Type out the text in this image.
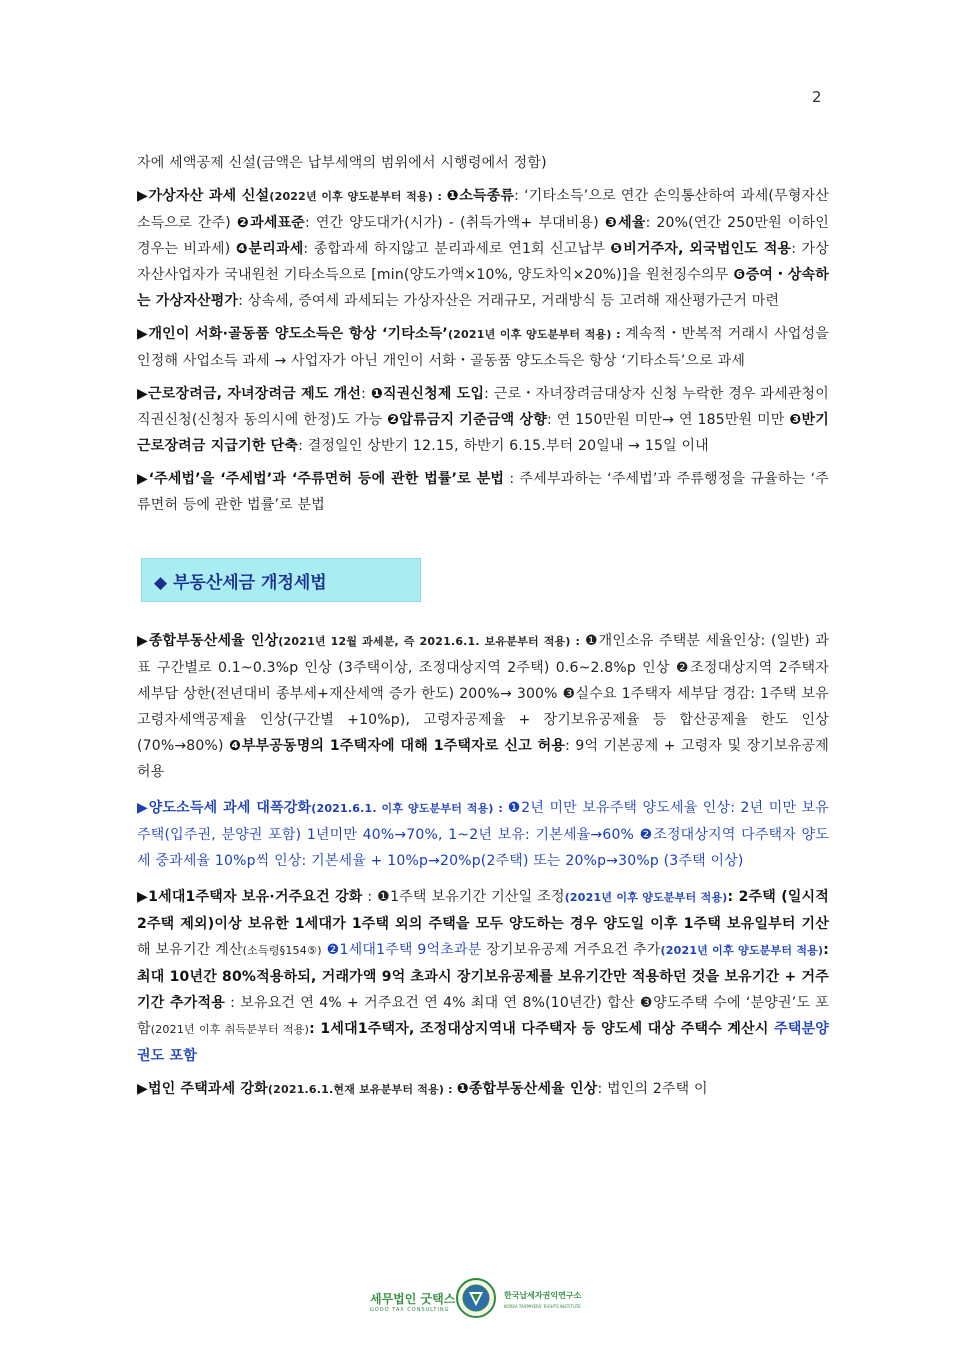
2

자에 세액공제 신설(금액은 납부세액의 범위에서 시행령에서 정함)

▶가상자산 과세 신설(2022년 이후 양도분부터 적용) : ❶소득종류: ‘기타소득’으로 연간 손익통산하여 과세(무형자산소득으로 간주) ❷과세표준: 연간 양도대가(시가) - (취득가액+ 부대비용) ❸세율: 20%(연간 250만원 이하인 경우는 비과세) ❹분리과세: 종합과세 하지않고 분리과세로 연1회 신고납부 ❺비거주자, 외국법인도 적용: 가상자산사업자가 국내원천 기타소득으로 [min(양도가액×10%, 양도차익×20%)]을 원천징수의무 ❻증여・상속하는 가상자산평가: 상속세, 증여세 과세되는 가상자산은 거래규모, 거래방식 등 고려해 재산평가근거 마련

▶개인이 서화·골동품 양도소득은 항상 ‘기타소득’(2021년 이후 양도분부터 적용) : 계속적・반복적 거래시 사업성을 인정해 사업소득 과세 → 사업자가 아닌 개인이 서화・골동품 양도소득은 항상 ‘기타소득’으로 과세

▶근로장려금, 자녀장려금 제도 개선: ❶직권신청제 도입: 근로・자녀장려금대상자 신청 누락한 경우 과세관청이 직권신청(신청자 동의시에 한정)도 가능 ❷압류금지 기준금액 상향: 연 150만원 미만→ 연 185만원 미만 ❸반기근로장려금 지급기한 단축: 결정일인 상반기 12.15, 하반기 6.15.부터 20일내 → 15일 이내

▶‘주세법’을 ‘주세법’과 ‘주류면허 등에 관한 법률’로 분법 : 주세부과하는 ‘주세법’과 주류행정을 규율하는 ‘주류면허 등에 관한 법률’로 분법

◆ 부동산세금 개정세법

▶종합부동산세율 인상(2021년 12월 과세분, 즉 2021.6.1. 보유분부터 적용) : ❶개인소유 주택분 세율인상: (일반) 과표 구간별로 0.1~0.3%p 인상 (3주택이상, 조정대상지역 2주택) 0.6~2.8%p 인상 ❷조정대상지역 2주택자 세부담 상한(전년대비 종부세+재산세액 증가 한도) 200%→ 300% ❸실수요 1주택자 세부담 경감: 1주택 보유 고령자세액공제율 인상(구간별 +10%p), 고령자공제율 + 장기보유공제율 등 합산공제율 한도 인상(70%→80%) ❹부부공동명의 1주택자에 대해 1주택자로 신고 허용: 9억 기본공제 + 고령자 및 장기보유공제 허용

▶양도소득세 과세 대폭강화(2021.6.1. 이후 양도분부터 적용) : ❶2년 미만 보유주택 양도세율 인상: 2년 미만 보유주택(입주권, 분양권 포함) 1년미만 40%→70%, 1~2년 보유: 기본세율→60% ❷조정대상지역 다주택자 양도세 중과세율 10%p씩 인상: 기본세율 + 10%p→20%p(2주택) 또는 20%p→30%p (3주택 이상)

▶1세대1주택자 보유·거주요건 강화 : ❶1주택 보유기간 기산일 조정(2021년 이후 양도분부터 적용): 2주택 (일시적 2주택 제외)이상 보유한 1세대가 1주택 외의 주택을 모두 양도하는 경우 양도일 이후 1주택 보유일부터 기산해 보유기간 계산(소득령§154⑤) ❷1세대1주택 9억초과분 장기보유공제 거주요건 추가(2021년 이후 양도분부터 적용): 최대 10년간 80%적용하되, 거래가액 9억 초과시 장기보유공제를 보유기간만 적용하던 것을 보유기간 + 거주기간 추가적용 : 보유요건 연 4% + 거주요건 연 4% 최대 연 8%(10년간) 합산 ❸양도주택 수에 ‘분양권’도 포함(2021년 이후 취득분부터 적용): 1세대1주택자, 조정대상지역내 다주택자 등 양도세 대상 주택수 계산시 주택분양권도 포함

▶법인 주택과세 강화(2021.6.1.현재 보유분부터 적용) : ❶종합부동산세율 인상: 법인의 2주택 이

세무법인 굿택스
GOOD TAX CONSULTING
한국납세자권익연구소
KOREA TAXPAYERS' RIGHTS INSTITUTE
